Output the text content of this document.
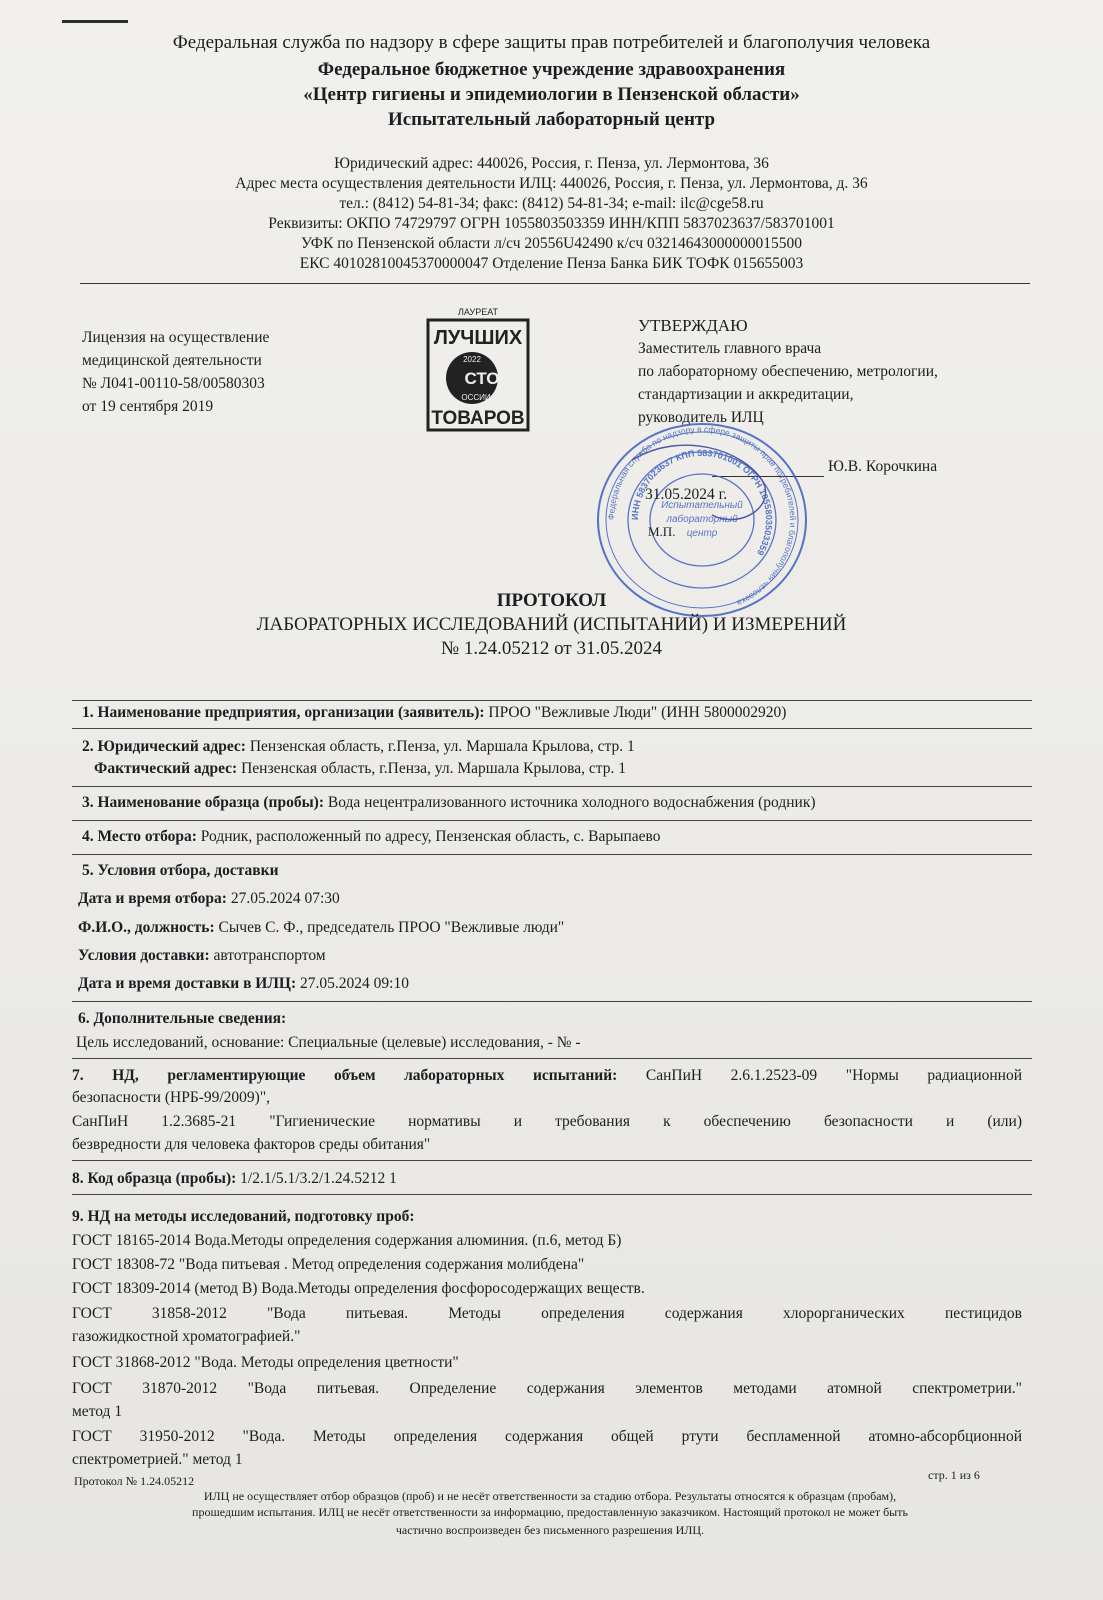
Федеральная служба по надзору в сфере защиты прав потребителей и благополучия человека
Федеральное бюджетное учреждение здравоохранения
«Центр гигиены и эпидемиологии в Пензенской области»
Испытательный лабораторный центр
Юридический адрес: 440026, Россия, г. Пенза, ул. Лермонтова, 36
Адрес места осуществления деятельности ИЛЦ: 440026, Россия, г. Пенза, ул. Лермонтова, д. 36
тел.: (8412) 54-81-34; факс: (8412) 54-81-34; e-mail: ilc@cge58.ru
Реквизиты: ОКПО 74729797 ОГРН 1055803503359 ИНН/КПП 5837023637/583701001
УФК по Пензенской области л/сч 20556U42490 к/сч 03214643000000015500
ЕКС 40102810045370000047 Отделение Пенза Банка БИК ТОФК 015655003
Лицензия на осуществление
медицинской деятельности
№ Л041-00110-58/00580303
от 19 сентября 2019
ЛАУРЕАТ
ЛУЧШИХ
2022
СТО
ОССИИ
ТОВАРОВ
УТВЕРЖДАЮ
Заместитель главного врача
по лабораторному обеспечению, метрологии,
стандартизации и аккредитации,
руководитель ИЛЦ
Ю.В. Корочкина
Федеральная служба по надзору в сфере защиты прав потребителей и благополучия человека
ИНН 5837023637 КПП 583701001 ОГРН 1055803503359
Испытательный
лабораторный
центр
31.05.2024 г.
М.П.
ПРОТОКОЛ
ЛАБОРАТОРНЫХ ИССЛЕДОВАНИЙ (ИСПЫТАНИЙ) И ИЗМЕРЕНИЙ
№ 1.24.05212 от 31.05.2024
1. Наименование предприятия, организации (заявитель): ПРОО "Вежливые Люди" (ИНН 5800002920)
2. Юридический адрес: Пензенская область, г.Пенза, ул. Маршала Крылова, стр. 1
Фактический адрес: Пензенская область, г.Пенза, ул. Маршала Крылова, стр. 1
3. Наименование образца (пробы): Вода нецентрализованного источника холодного водоснабжения (родник)
4. Место отбора: Родник, расположенный по адресу, Пензенская область, с. Варыпаево
5. Условия отбора, доставки
Дата и время отбора: 27.05.2024 07:30
Ф.И.О., должность: Сычев С. Ф., председатель ПРОО "Вежливые люди"
Условия доставки: автотранспортом
Дата и время доставки в ИЛЦ: 27.05.2024 09:10
6. Дополнительные сведения:
Цель исследований, основание: Специальные (целевые) исследования, - № -
7. НД, регламентирующие объем лабораторных испытаний: СанПиН 2.6.1.2523-09 "Нормы радиационной
безопасности (НРБ-99/2009)",
СанПиН 1.2.3685-21 "Гигиенические нормативы и требования к обеспечению безопасности и (или)
безвредности для человека факторов среды обитания"
8. Код образца (пробы): 1/2.1/5.1/3.2/1.24.5212 1
9. НД на методы исследований, подготовку проб:
ГОСТ 18165-2014 Вода.Методы определения содержания алюминия. (п.6, метод Б)
ГОСТ 18308-72 "Вода питьевая . Метод определения содержания молибдена"
ГОСТ 18309-2014 (метод В) Вода.Методы определения фосфоросодержащих веществ.
ГОСТ 31858-2012 "Вода питьевая. Методы определения содержания хлорорганических пестицидов
газожидкостной хроматографией."
ГОСТ 31868-2012 "Вода. Методы определения цветности"
ГОСТ 31870-2012 "Вода питьевая. Определение содержания элементов методами атомной спектрометрии."
метод 1
ГОСТ 31950-2012 "Вода. Методы определения содержания общей ртути беспламенной атомно-абсорбционной
спектрометрией." метод 1
Протокол № 1.24.05212	стр. 1 из 6
ИЛЦ не осуществляет отбор образцов (проб) и не несёт ответственности за стадию отбора. Результаты относятся к образцам (пробам),
прошедшим испытания. ИЛЦ не несёт ответственности за информацию, предоставленную заказчиком. Настоящий протокол не может быть
частично воспроизведен без письменного разрешения ИЛЦ.
